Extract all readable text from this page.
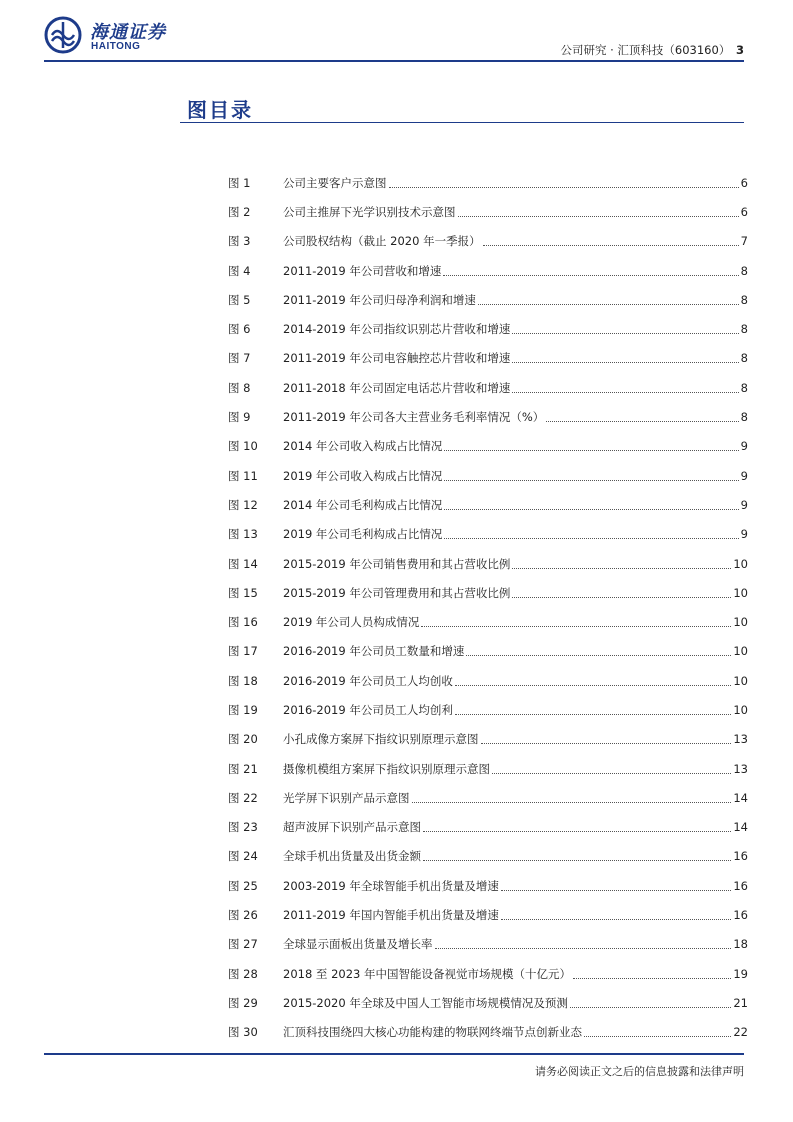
海通证券
HAITONG	公司研究 · 汇顶科技（603160） 3
图目录
图 1	公司主要客户示意图	6
图 2	公司主推屏下光学识别技术示意图	6
图 3	公司股权结构（截止 2020 年一季报）	7
图 4	2011-2019 年公司营收和增速	8
图 5	2011-2019 年公司归母净利润和增速	8
图 6	2014-2019 年公司指纹识别芯片营收和增速	8
图 7	2011-2019 年公司电容触控芯片营收和增速	8
图 8	2011-2018 年公司固定电话芯片营收和增速	8
图 9	2011-2019 年公司各大主营业务毛利率情况（%）	8
图 10	2014 年公司收入构成占比情况	9
图 11	2019 年公司收入构成占比情况	9
图 12	2014 年公司毛利构成占比情况	9
图 13	2019 年公司毛利构成占比情况	9
图 14	2015-2019 年公司销售费用和其占营收比例	10
图 15	2015-2019 年公司管理费用和其占营收比例	10
图 16	2019 年公司人员构成情况	10
图 17	2016-2019 年公司员工数量和增速	10
图 18	2016-2019 年公司员工人均创收	10
图 19	2016-2019 年公司员工人均创利	10
图 20	小孔成像方案屏下指纹识别原理示意图	13
图 21	摄像机模组方案屏下指纹识别原理示意图	13
图 22	光学屏下识别产品示意图	14
图 23	超声波屏下识别产品示意图	14
图 24	全球手机出货量及出货金额	16
图 25	2003-2019 年全球智能手机出货量及增速	16
图 26	2011-2019 年国内智能手机出货量及增速	16
图 27	全球显示面板出货量及增长率	18
图 28	2018 至 2023 年中国智能设备视觉市场规模（十亿元）	19
图 29	2015-2020 年全球及中国人工智能市场规模情况及预测	21
图 30	汇顶科技围绕四大核心功能构建的物联网终端节点创新业态	22
请务必阅读正文之后的信息披露和法律声明
